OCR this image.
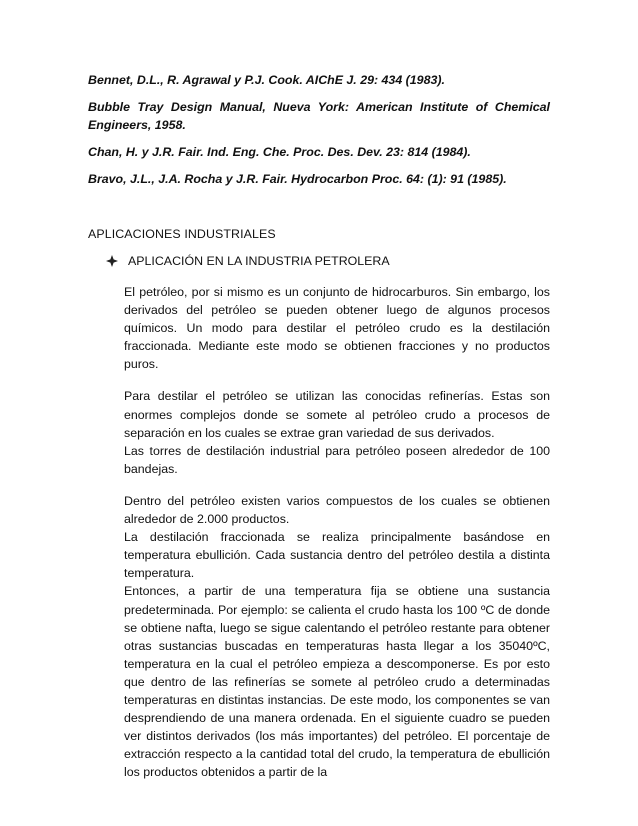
Bennet, D.L., R. Agrawal y P.J. Cook. AIChE J. 29: 434 (1983).

Bubble Tray Design Manual, Nueva York: American Institute of Chemical Engineers, 1958.

Chan, H. y J.R. Fair. Ind. Eng. Che. Proc. Des. Dev. 23: 814 (1984).

Bravo, J.L., J.A. Rocha y J.R. Fair. Hydrocarbon Proc. 64: (1): 91 (1985).

APLICACIONES INDUSTRIALES
APLICACIÓN EN LA INDUSTRIA PETROLERA

El petróleo, por si mismo es un conjunto de hidrocarburos. Sin embargo, los derivados del petróleo se pueden obtener luego de algunos procesos químicos. Un modo para destilar el petróleo crudo es la destilación fraccionada. Mediante este modo se obtienen fracciones y no productos puros.

Para destilar el petróleo se utilizan las conocidas refinerías. Estas son enormes complejos donde se somete al petróleo crudo a procesos de separación en los cuales se extrae gran variedad de sus derivados.

Las torres de destilación industrial para petróleo poseen alrededor de 100 bandejas.

Dentro del petróleo existen varios compuestos de los cuales se obtienen alrededor de 2.000 productos.

La destilación fraccionada se realiza principalmente basándose en temperatura ebullición. Cada sustancia dentro del petróleo destila a distinta temperatura.

Entonces, a partir de una temperatura fija se obtiene una sustancia predeterminada. Por ejemplo: se calienta el crudo hasta los 100 ºC de donde se obtiene nafta, luego se sigue calentando el petróleo restante para obtener otras sustancias buscadas en temperaturas hasta llegar a los 35040ºC, temperatura en la cual el petróleo empieza a descomponerse. Es por esto que dentro de las refinerías se somete al petróleo crudo a determinadas temperaturas en distintas instancias. De este modo, los componentes se van desprendiendo de una manera ordenada. En el siguiente cuadro se pueden ver distintos derivados (los más importantes) del petróleo. El porcentaje de extracción respecto a la cantidad total del crudo, la temperatura de ebullición los productos obtenidos a partir de la
